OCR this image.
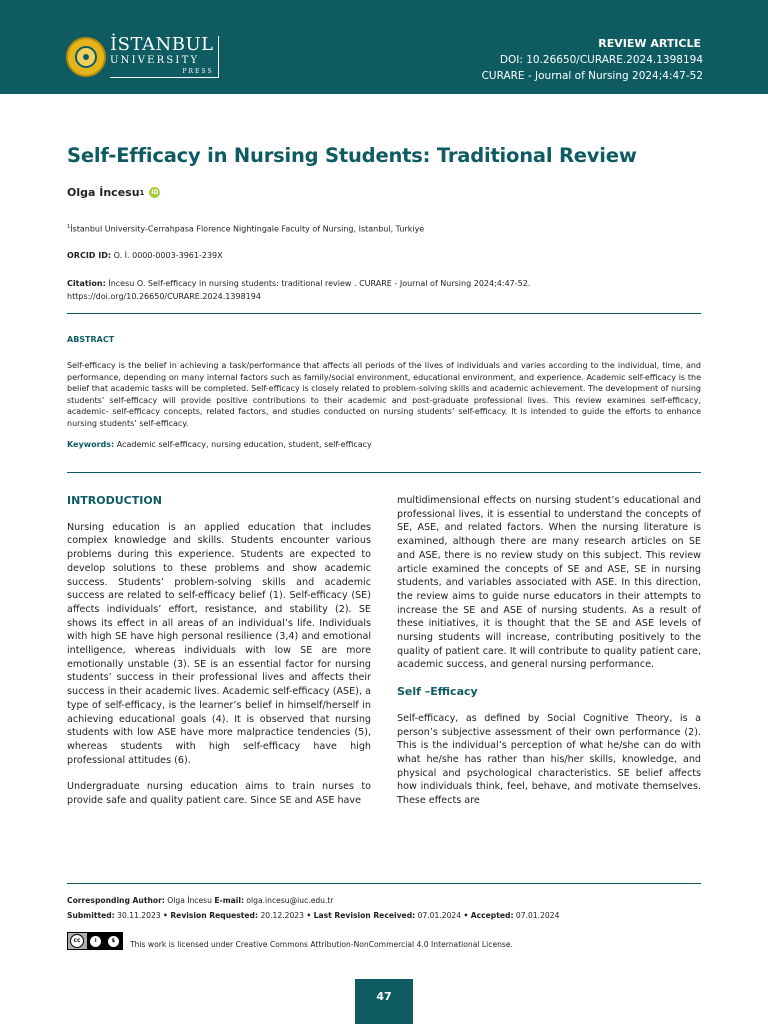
İSTANBUL
UNIVERSITY
PRESS
REVIEW ARTICLE
DOI: 10.26650/CURARE.2024.1398194
CURARE - Journal of Nursing 2024;4:47-52
Self-Efficacy in Nursing Students: Traditional Review
Olga İncesu 1	iD
$^1$İstanbul University-Cerrahpasa Florence Nightingale Faculty of Nursing, Istanbul, Turkiye
ORCID ID: O. İ. 0000-0003-3961-239X
Citation: İncesu O. Self-efficacy in nursing students: traditional review . CURARE - Journal of Nursing 2024;4:47-52. https://doi.org/10.26650/CURARE.2024.1398194
ABSTRACT
Self-efficacy is the belief in achieving a task/performance that affects all periods of the lives of individuals and varies according to the individual, time, and performance, depending on many internal factors such as family/social environment, educational environment, and experience. Academic self-efficacy is the belief that academic tasks will be completed. Self-efficacy is closely related to problem-solving skills and academic achievement. The development of nursing students’ self-efficacy will provide positive contributions to their academic and post-graduate professional lives. This review examines self-efficacy, academic- self-efficacy concepts, related factors, and studies conducted on nursing students’ self-efficacy. It is intended to guide the efforts to enhance nursing students’ self-efficacy.
Keywords: Academic self-efficacy, nursing education, student, self-efficacy
INTRODUCTION

Nursing education is an applied education that includes complex knowledge and skills. Students encounter various problems during this experience. Students are expected to develop solutions to these problems and show academic success. Students’ problem-solving skills and academic success are related to self-efficacy belief (1). Self-efficacy (SE) affects individuals’ effort, resistance, and stability (2). SE shows its effect in all areas of an individual’s life. Individuals with high SE have high personal resilience (3,4) and emotional intelligence, whereas individuals with low SE are more emotionally unstable (3). SE is an essential factor for nursing students’ success in their professional lives and affects their success in their academic lives. Academic self-efficacy (ASE), a type of self-efficacy, is the learner’s belief in himself/herself in achieving educational goals (4). It is observed that nursing students with low ASE have more malpractice tendencies (5), whereas students with high self-efficacy have high professional attitudes (6).

Undergraduate nursing education aims to train nurses to provide safe and quality patient care. Since SE and ASE have

multidimensional effects on nursing student’s educational and professional lives, it is essential to understand the concepts of SE, ASE, and related factors. When the nursing literature is examined, although there are many research articles on SE and ASE, there is no review study on this subject. This review article examined the concepts of SE and ASE, SE in nursing students, and variables associated with ASE. In this direction, the review aims to guide nurse educators in their attempts to increase the SE and ASE of nursing students. As a result of these initiatives, it is thought that the SE and ASE levels of nursing students will increase, contributing positively to the quality of patient care. It will contribute to quality patient care, academic success, and general nursing performance.

Self –Efficacy

Self-efficacy, as defined by Social Cognitive Theory, is a person’s subjective assessment of their own performance (2). This is the individual’s perception of what he/she can do with what he/she has rather than his/her skills, knowledge, and physical and psychological characteristics. SE belief affects how individuals think, feel, behave, and motivate themselves. These effects are

Corresponding Author: Olga İncesu E-mail: olga.incesu@iuc.edu.tr
Submitted: 30.11.2023 • Revision Requested: 20.12.2023 • Last Revision Received: 07.01.2024 • Accepted: 07.01.2024
cc	i	$	This work is licensed under Creative Commons Attribution-NonCommercial 4.0 International License.
47
